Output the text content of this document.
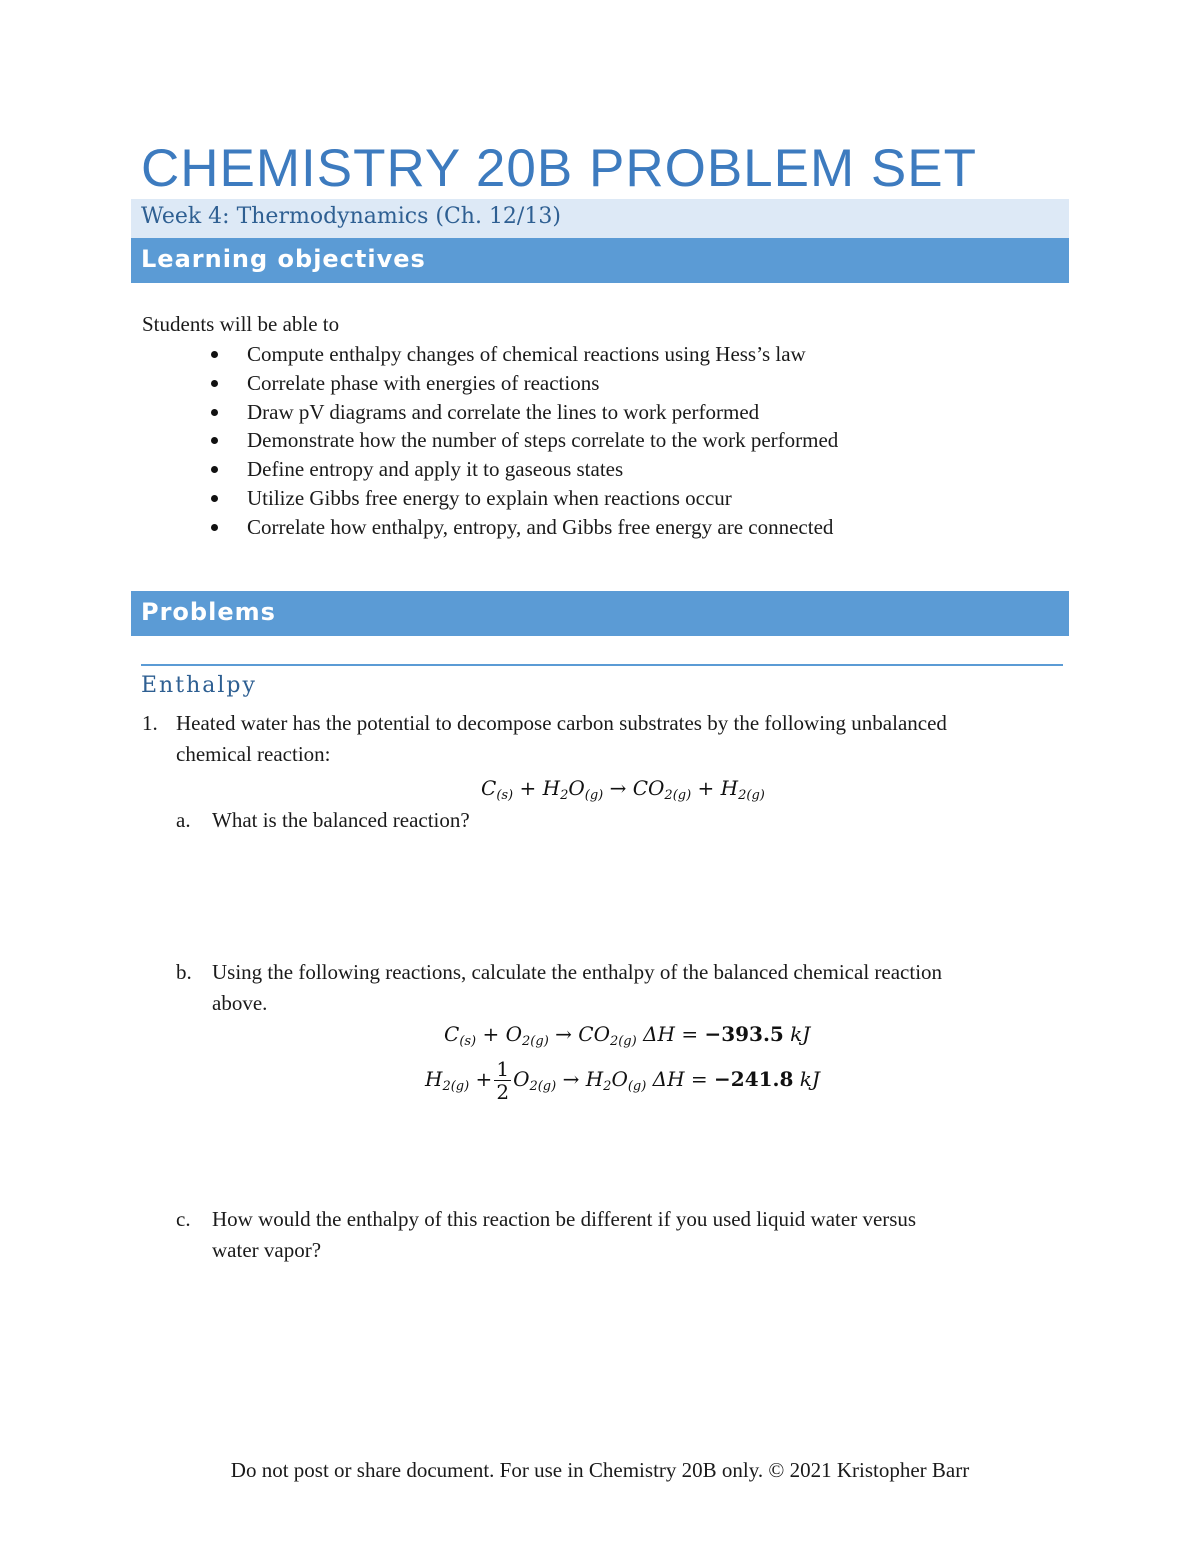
CHEMISTRY 20B PROBLEM SET
Week 4: Thermodynamics (Ch. 12/13)
Learning objectives
Students will be able to
Compute enthalpy changes of chemical reactions using Hess’s law
Correlate phase with energies of reactions
Draw pV diagrams and correlate the lines to work performed
Demonstrate how the number of steps correlate to the work performed
Define entropy and apply it to gaseous states
Utilize Gibbs free energy to explain when reactions occur
Correlate how enthalpy, entropy, and Gibbs free energy are connected
Problems
Enthalpy
1. Heated water has the potential to decompose carbon substrates by the following unbalanced
chemical reaction:
$C_{(s)} + H_2O_{(g)} \to CO_{2(g)} + H_{2(g)}$
a. What is the balanced reaction?
b. Using the following reactions, calculate the enthalpy of the balanced chemical reaction
above.
$C_{(s)} + O_{2(g)} \to CO_{2(g)}$ ΔH = −393.5 kJ
$H_{2(g)} + \frac{1}{2} O_{2(g)} \to H_2O_{(g)}$ ΔH = −241.8 kJ
c. How would the enthalpy of this reaction be different if you used liquid water versus
water vapor?
Do not post or share document. For use in Chemistry 20B only. © 2021 Kristopher Barr
